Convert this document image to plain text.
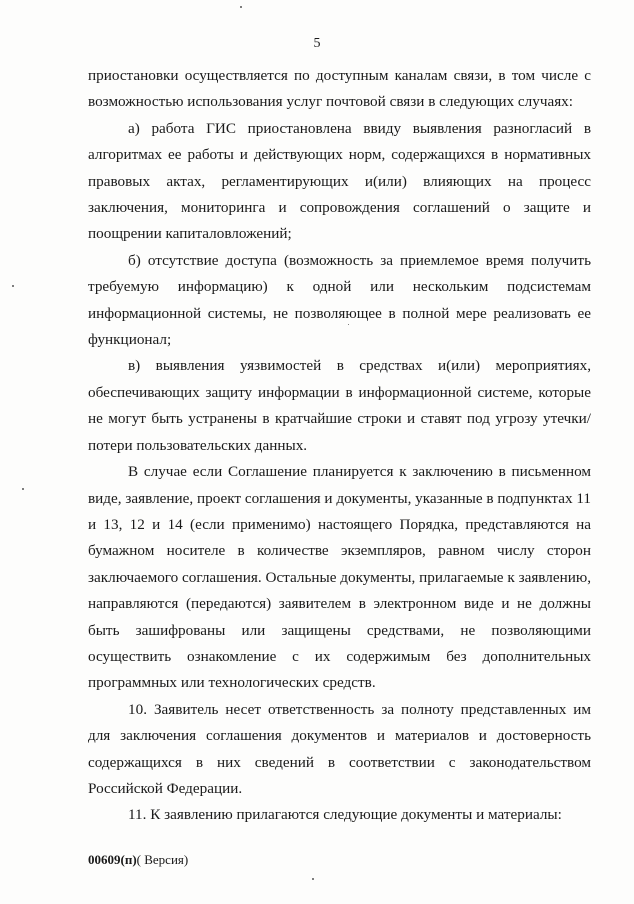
5

приостановки осуществляется по доступным каналам связи, в том числе с возможностью использования услуг почтовой связи в следующих случаях:

а) работа ГИС приостановлена ввиду выявления разногласий в алгоритмах ее работы и действующих норм, содержащихся в нормативных правовых актах, регламентирующих и(или) влияющих на процесс заключения, мониторинга и сопровождения соглашений о защите и поощрении капиталовложений;

б) отсутствие доступа (возможность за приемлемое время получить требуемую информацию) к одной или нескольким подсистемам информационной системы, не позволяющее в полной мере реализовать ее функционал;

в) выявления уязвимостей в средствах и(или) мероприятиях, обеспечивающих защиту информации в информационной системе, которые не могут быть устранены в кратчайшие строки и ставят под угрозу утечки/потери пользовательских данных.

В случае если Соглашение планируется к заключению в письменном виде, заявление, проект соглашения и документы, указанные в подпунктах 11 и 13, 12 и 14 (если применимо) настоящего Порядка, представляются на бумажном носителе в количестве экземпляров, равном числу сторон заключаемого соглашения. Остальные документы, прилагаемые к заявлению, направляются (передаются) заявителем в электронном виде и не должны быть зашифрованы или защищены средствами, не позволяющими осуществить ознакомление с их содержимым без дополнительных программных или технологических средств.

10. Заявитель несет ответственность за полноту представленных им для заключения соглашения документов и материалов и достоверность содержащихся в них сведений в соответствии с законодательством Российской Федерации.

11. К заявлению прилагаются следующие документы и материалы:

00609(п)( Версия)
